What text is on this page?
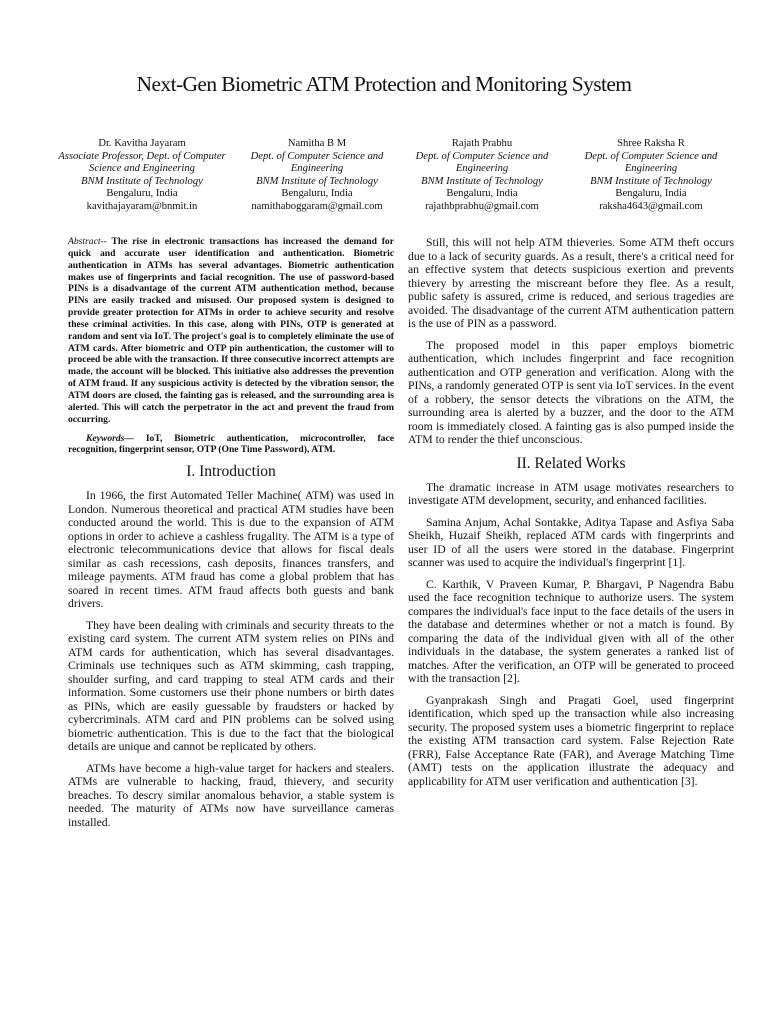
Next-Gen Biometric ATM Protection and Monitoring System
Dr. Kavitha Jayaram
Associate Professor, Dept. of Computer Science and Engineering
BNM Institute of Technology
Bengaluru, India
kavithajayaram@bnmit.in
Namitha B M
Dept. of Computer Science and Engineering
BNM Institute of Technology
Bengaluru, India
namithaboggaram@gmail.com
Rajath Prabhu
Dept. of Computer Science and Engineering
BNM Institute of Technology
Bengaluru, India
rajathbprabhu@gmail.com
Shree Raksha R
Dept. of Computer Science and Engineering
BNM Institute of Technology
Bengaluru, India
raksha4643@gmail.com

Abstract-- The rise in electronic transactions has increased the demand for quick and accurate user identification and authentication. Biometric authentication in ATMs has several advantages. Biometric authentication makes use of fingerprints and facial recognition. The use of password-based PINs is a disadvantage of the current ATM authentication method, because PINs are easily tracked and misused. Our proposed system is designed to provide greater protection for ATMs in order to achieve security and resolve these criminal activities. In this case, along with PINs, OTP is generated at random and sent via IoT. The project's goal is to completely eliminate the use of ATM cards. After biometric and OTP pin authentication, the customer will to proceed be able with the transaction. If three consecutive incorrect attempts are made, the account will be blocked. This initiative also addresses the prevention of ATM fraud. If any suspicious activity is detected by the vibration sensor, the ATM doors are closed, the fainting gas is released, and the surrounding area is alerted. This will catch the perpetrator in the act and prevent the fraud from occurring.

Keywords— IoT, Biometric authentication, microcontroller, face recognition, fingerprint sensor, OTP (One Time Password), ATM.

I. Introduction

In 1966, the first Automated Teller Machine( ATM) was used in London. Numerous theoretical and practical ATM studies have been conducted around the world. This is due to the expansion of ATM options in order to achieve a cashless frugality. The ATM is a type of electronic telecommunications device that allows for fiscal deals similar as cash recessions, cash deposits, finances transfers, and mileage payments. ATM fraud has come a global problem that has soared in recent times. ATM fraud affects both guests and bank drivers.

They have been dealing with criminals and security threats to the existing card system. The current ATM system relies on PINs and ATM cards for authentication, which has several disadvantages. Criminals use techniques such as ATM skimming, cash trapping, shoulder surfing, and card trapping to steal ATM cards and their information. Some customers use their phone numbers or birth dates as PINs, which are easily guessable by fraudsters or hacked by cybercriminals. ATM card and PIN problems can be solved using biometric authentication. This is due to the fact that the biological details are unique and cannot be replicated by others.

ATMs have become a high-value target for hackers and stealers. ATMs are vulnerable to hacking, fraud, thievery, and security breaches. To descry similar anomalous behavior, a stable system is needed. The maturity of ATMs now have surveillance cameras installed.

Still, this will not help ATM thieveries. Some ATM theft occurs due to a lack of security guards. As a result, there's a critical need for an effective system that detects suspicious exertion and prevents thievery by arresting the miscreant before they flee. As a result, public safety is assured, crime is reduced, and serious tragedies are avoided. The disadvantage of the current ATM authentication pattern is the use of PIN as a password.

The proposed model in this paper employs biometric authentication, which includes fingerprint and face recognition authentication and OTP generation and verification. Along with the PINs, a randomly generated OTP is sent via IoT services. In the event of a robbery, the sensor detects the vibrations on the ATM, the surrounding area is alerted by a buzzer, and the door to the ATM room is immediately closed. A fainting gas is also pumped inside the ATM to render the thief unconscious.

II. Related Works

The dramatic increase in ATM usage motivates researchers to investigate ATM development, security, and enhanced facilities.

Samina Anjum, Achal Sontakke, Aditya Tapase and Asfiya Saba Sheikh, Huzaif Sheikh, replaced ATM cards with fingerprints and user ID of all the users were stored in the database. Fingerprint scanner was used to acquire the individual's fingerprint [1].

C. Karthik, V Praveen Kumar, P. Bhargavi, P Nagendra Babu used the face recognition technique to authorize users. The system compares the individual's face input to the face details of the users in the database and determines whether or not a match is found. By comparing the data of the individual given with all of the other individuals in the database, the system generates a ranked list of matches. After the verification, an OTP will be generated to proceed with the transaction [2].

Gyanprakash Singh and Pragati Goel, used fingerprint identification, which sped up the transaction while also increasing security. The proposed system uses a biometric fingerprint to replace the existing ATM transaction card system. False Rejection Rate (FRR), False Acceptance Rate (FAR), and Average Matching Time (AMT) tests on the application illustrate the adequacy and applicability for ATM user verification and authentication [3].
